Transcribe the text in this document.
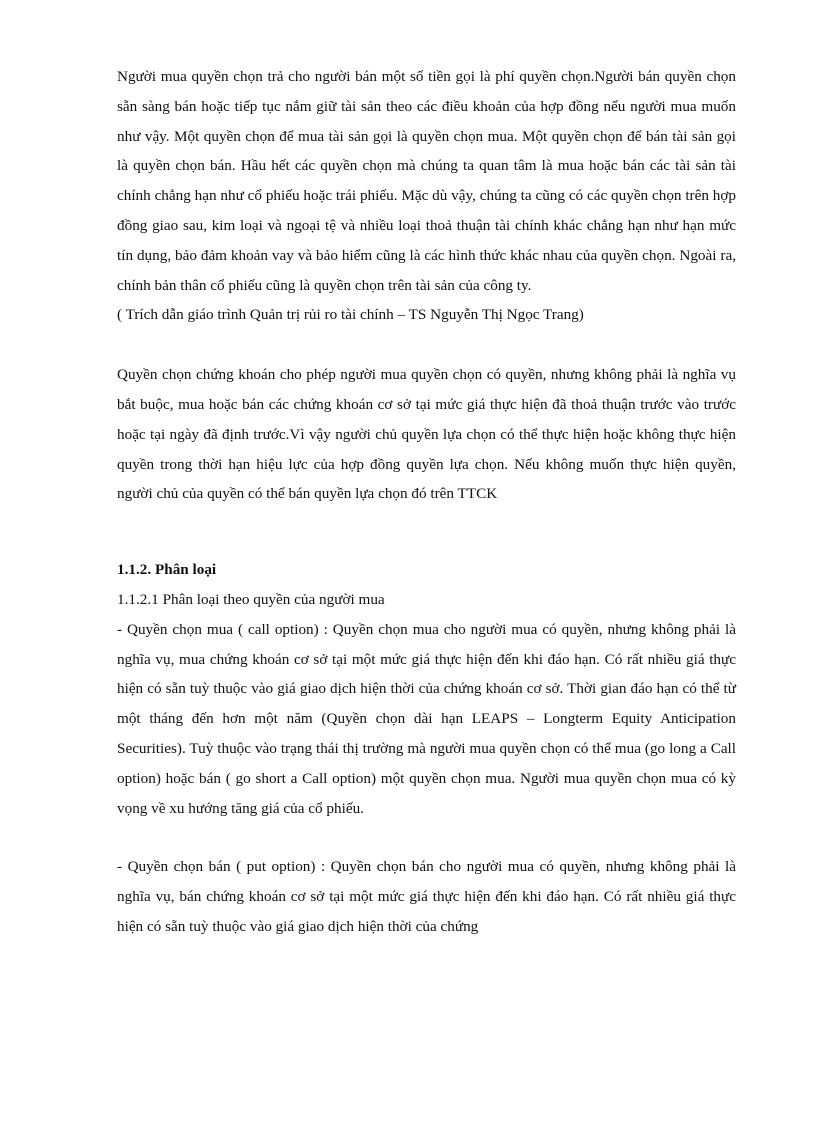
Người mua quyền chọn trả cho người bán một số tiền gọi là phí quyền chọn.Người bán quyền chọn sẵn sàng bán hoặc tiếp tục nắm giữ tài sản theo các điều khoản của hợp đồng nếu người mua muốn như vậy. Một quyền chọn để mua tài sản gọi là quyền chọn mua. Một quyền chọn để bán tài sản gọi là quyền chọn bán. Hầu hết các quyền chọn mà chúng ta quan tâm là mua hoặc bán các tài sản tài chính chẳng hạn như cổ phiếu hoặc trái phiếu. Mặc dù vậy, chúng ta cũng có các quyền chọn trên hợp đồng giao sau, kim loại và ngoại tệ và nhiều loại thoả thuận tài chính khác chẳng hạn như hạn mức tín dụng, bảo đảm khoản vay và bảo hiểm cũng là các hình thức khác nhau của quyền chọn. Ngoài ra, chính bản thân cổ phiếu cũng là quyền chọn trên tài sản của công ty.

( Trích dẫn giáo trình Quản trị rủi ro tài chính – TS Nguyễn Thị Ngọc Trang)

Quyền chọn chứng khoán cho phép người mua quyền chọn có quyền, nhưng không phải là nghĩa vụ bắt buộc, mua hoặc bán các chứng khoán cơ sở tại mức giá thực hiện đã thoả thuận trước vào trước hoặc tại ngày đã định trước.Vì vậy người chủ quyền lựa chọn có thể thực hiện hoặc không thực hiện quyền trong thời hạn hiệu lực của hợp đồng quyền lựa chọn. Nếu không muốn thực hiện quyền, người chủ của quyền có thể bán quyền lựa chọn đó trên TTCK

1.1.2. Phân loại

1.1.2.1 Phân loại theo quyền của người mua

- Quyền chọn mua ( call option) : Quyền chọn mua cho người mua có quyền, nhưng không phải là nghĩa vụ, mua chứng khoán cơ sở tại một mức giá thực hiện đến khi đáo hạn. Có rất nhiều giá thực hiện có sẵn tuỳ thuộc vào giá giao dịch hiện thời của chứng khoán cơ sở. Thời gian đáo hạn có thể từ một tháng đến hơn một năm (Quyền chọn dài hạn LEAPS – Longterm Equity Anticipation Securities). Tuỳ thuộc vào trạng thái thị trường mà người mua quyền chọn có thể mua (go long a Call option) hoặc bán ( go short a Call option) một quyền chọn mua. Người mua quyền chọn mua có kỳ vọng về xu hướng tăng giá của cổ phiếu.

- Quyền chọn bán ( put option) : Quyền chọn bán cho người mua có quyền, nhưng không phải là nghĩa vụ, bán chứng khoán cơ sở tại một mức giá thực hiện đến khi đáo hạn. Có rất nhiều giá thực hiện có sẵn tuỳ thuộc vào giá giao dịch hiện thời của chứng
